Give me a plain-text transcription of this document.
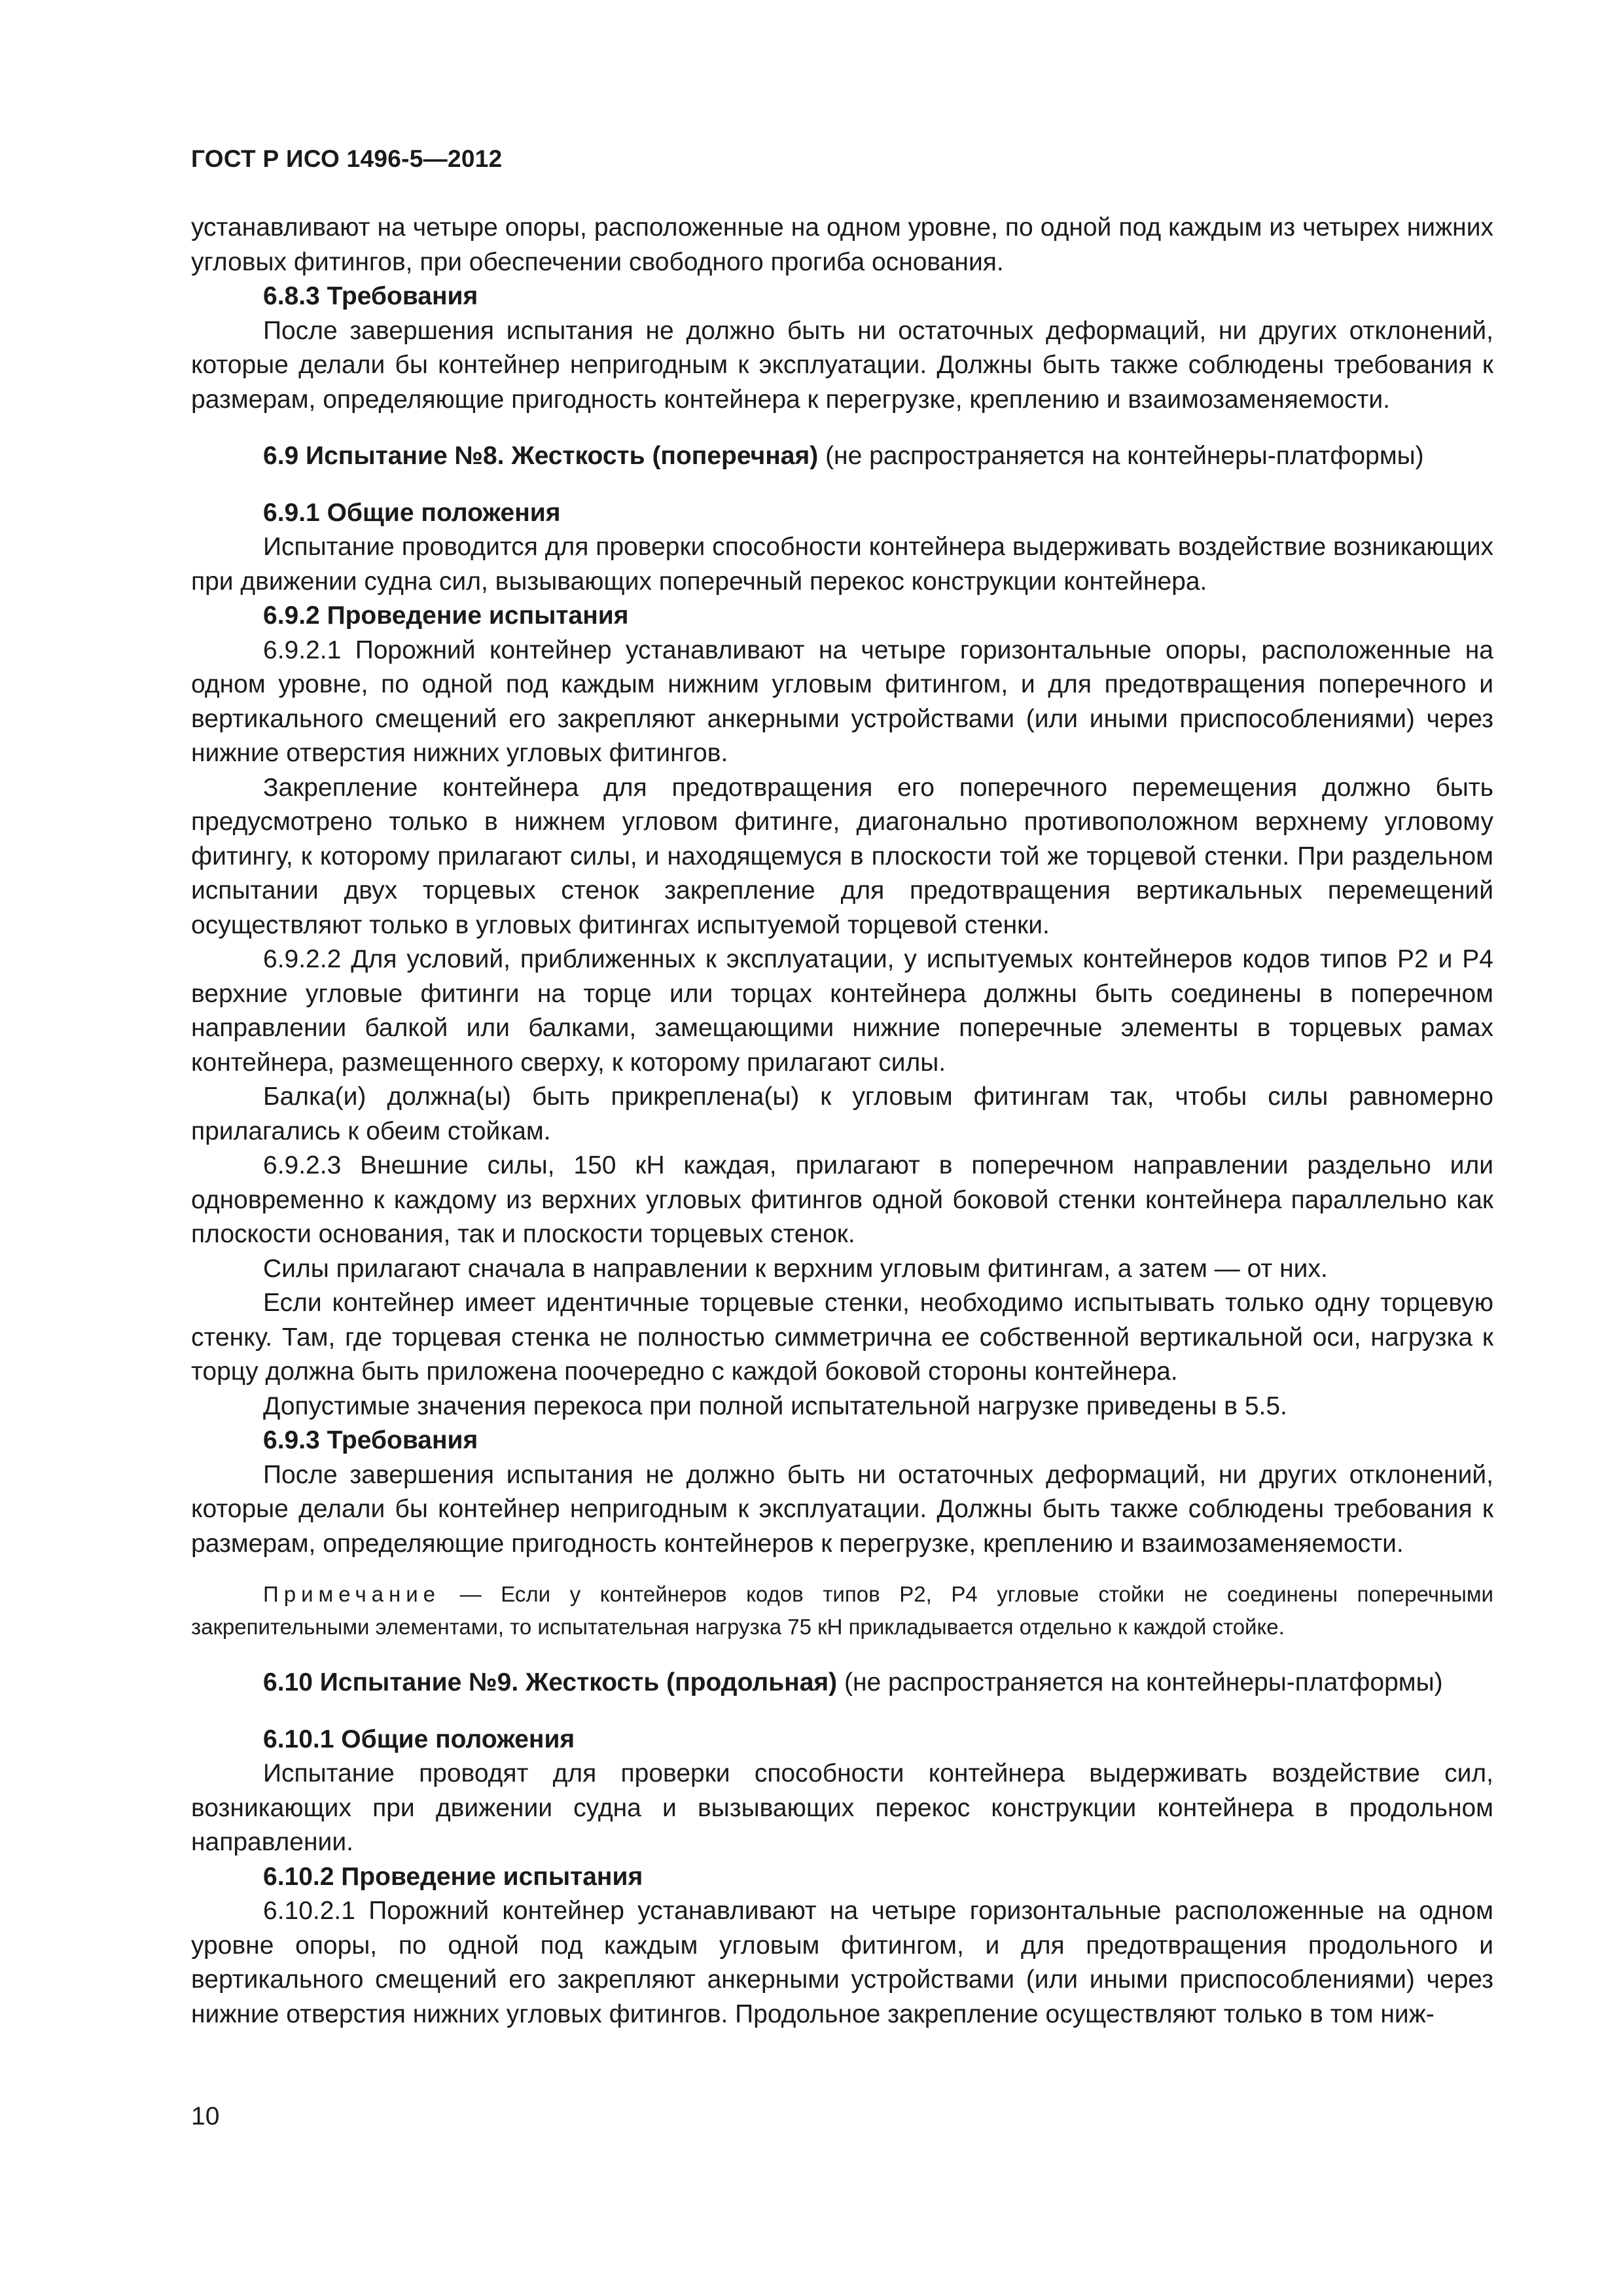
ГОСТ Р ИСО 1496-5—2012

устанавливают на четыре опоры, расположенные на одном уровне, по одной под каждым из четырех нижних угловых фитингов, при обеспечении свободного прогиба основания.

6.8.3 Требования

После завершения испытания не должно быть ни остаточных деформаций, ни других отклонений, которые делали бы контейнер непригодным к эксплуатации. Должны быть также соблюдены требования к размерам, определяющие пригодность контейнера к перегрузке, креплению и взаимозаменяемости.

6.9 Испытание №8. Жесткость (поперечная) (не распространяется на контейнеры-платформы)

6.9.1 Общие положения

Испытание проводится для проверки способности контейнера выдерживать воздействие возникающих при движении судна сил, вызывающих поперечный перекос конструкции контейнера.

6.9.2 Проведение испытания

6.9.2.1 Порожний контейнер устанавливают на четыре горизонтальные опоры, расположенные на одном уровне, по одной под каждым нижним угловым фитингом, и для предотвращения поперечного и вертикального смещений его закрепляют анкерными устройствами (или иными приспособлениями) через нижние отверстия нижних угловых фитингов.

Закрепление контейнера для предотвращения его поперечного перемещения должно быть предусмотрено только в нижнем угловом фитинге, диагонально противоположном верхнему угловому фитингу, к которому прилагают силы, и находящемуся в плоскости той же торцевой стенки. При раздельном испытании двух торцевых стенок закрепление для предотвращения вертикальных перемещений осуществляют только в угловых фитингах испытуемой торцевой стенки.

6.9.2.2 Для условий, приближенных к эксплуатации, у испытуемых контейнеров кодов типов P2 и P4 верхние угловые фитинги на торце или торцах контейнера должны быть соединены в поперечном направлении балкой или балками, замещающими нижние поперечные элементы в торцевых рамах контейнера, размещенного сверху, к которому прилагают силы.

Балка(и) должна(ы) быть прикреплена(ы) к угловым фитингам так, чтобы силы равномерно прилагались к обеим стойкам.

6.9.2.3 Внешние силы, 150 кН каждая, прилагают в поперечном направлении раздельно или одновременно к каждому из верхних угловых фитингов одной боковой стенки контейнера параллельно как плоскости основания, так и плоскости торцевых стенок.

Силы прилагают сначала в направлении к верхним угловым фитингам, а затем — от них.

Если контейнер имеет идентичные торцевые стенки, необходимо испытывать только одну торцевую стенку. Там, где торцевая стенка не полностью симметрична ее собственной вертикальной оси, нагрузка к торцу должна быть приложена поочередно с каждой боковой стороны контейнера.

Допустимые значения перекоса при полной испытательной нагрузке приведены в 5.5.

6.9.3 Требования

После завершения испытания не должно быть ни остаточных деформаций, ни других отклонений, которые делали бы контейнер непригодным к эксплуатации. Должны быть также соблюдены требования к размерам, определяющие пригодность контейнеров к перегрузке, креплению и взаимозаменяемости.

Примечание — Если у контейнеров кодов типов P2, P4 угловые стойки не соединены поперечными закрепительными элементами, то испытательная нагрузка 75 кН прикладывается отдельно к каждой стойке.

6.10 Испытание №9. Жесткость (продольная) (не распространяется на контейнеры-платформы)

6.10.1 Общие положения

Испытание проводят для проверки способности контейнера выдерживать воздействие сил, возникающих при движении судна и вызывающих перекос конструкции контейнера в продольном направлении.

6.10.2 Проведение испытания

6.10.2.1 Порожний контейнер устанавливают на четыре горизонтальные расположенные на одном уровне опоры, по одной под каждым угловым фитингом, и для предотвращения продольного и вертикального смещений его закрепляют анкерными устройствами (или иными приспособлениями) через нижние отверстия нижних угловых фитингов. Продольное закрепление осуществляют только в том ниж-

10
